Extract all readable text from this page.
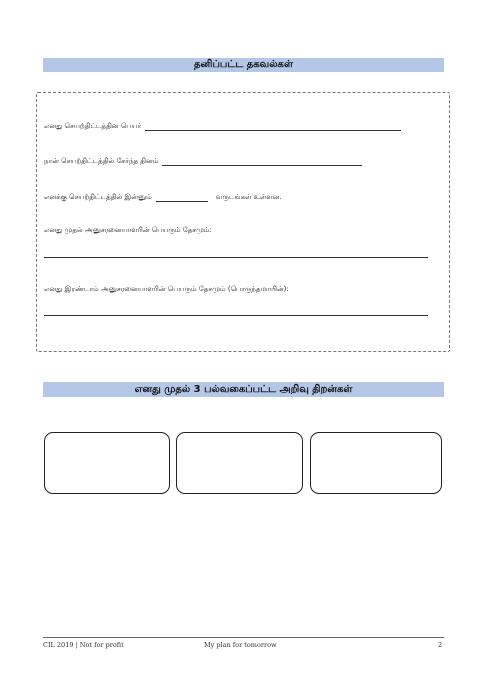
தனிப்பட்ட தகவல்கள்
எனது செயற்திட்டத்தின பெயர்
நான் செயற்திட்டத்தில் சேர்ந்த தினம்
எனக்கு செயற்திட்டத்தில் இன்னும்	வருடங்கள் உள்ளன.
எனது முதல் அனுசரனையாளரின் பெயரும் தேசமும்:
எனது இரண்டாம் அனுசரனையாளரின் பெயரும் தேசமும் (பொருந்தமாயின்):
எனது முதல் 3 பல்வகைப்பட்ட அறிவு திறன்கள்
CIL 2019 | Not for profit	My plan for tomorrow	2
